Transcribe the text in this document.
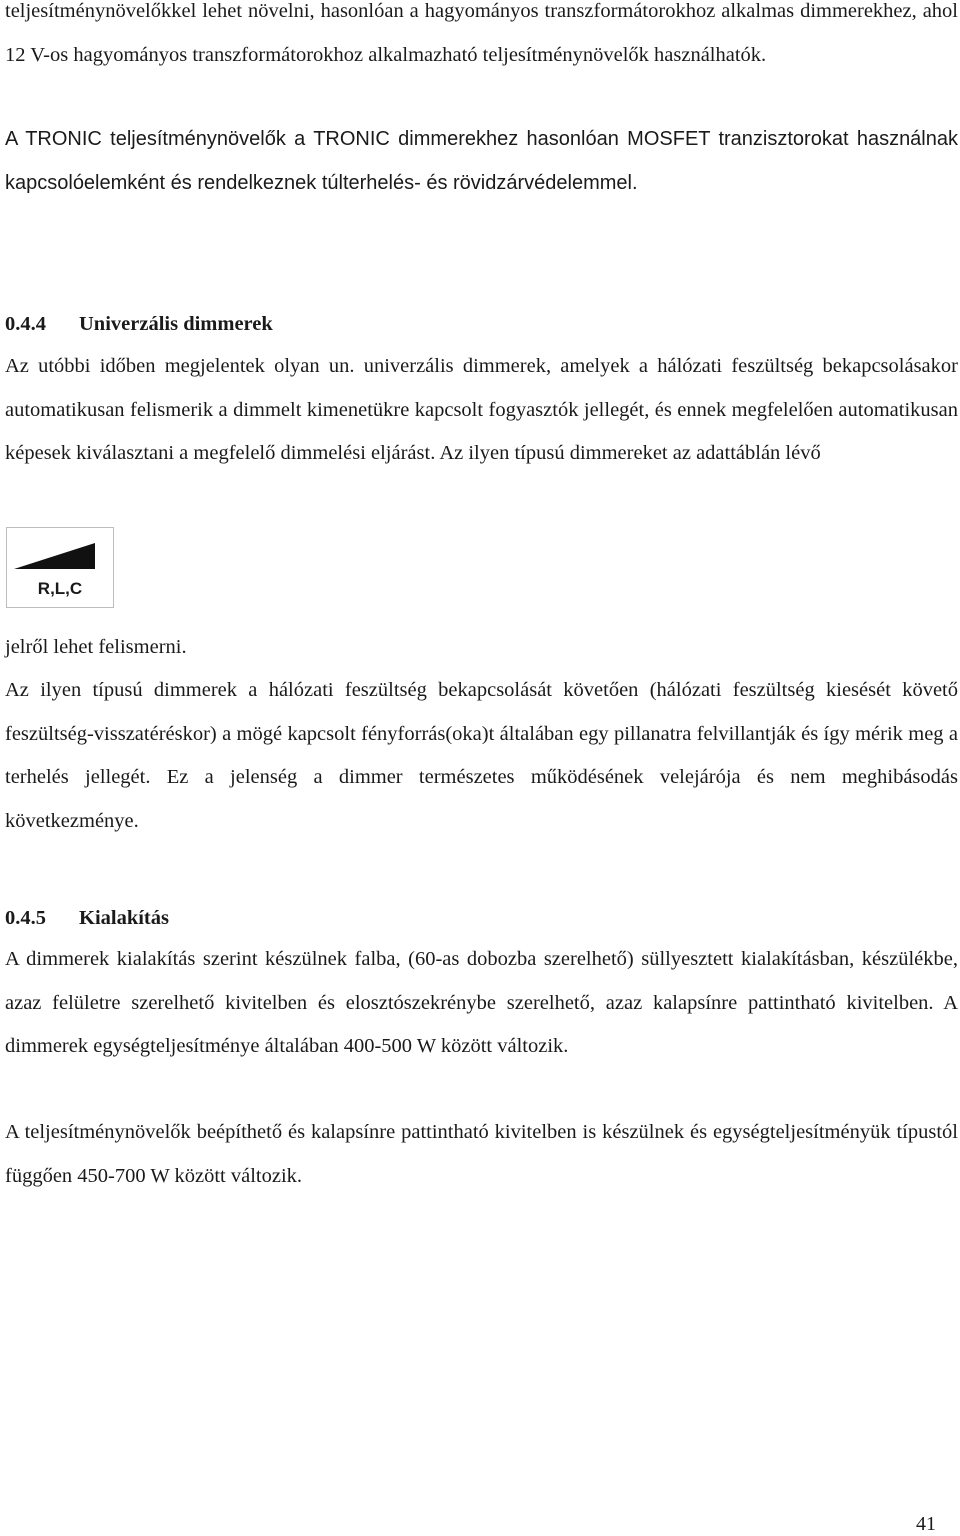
teljesítménynövelőkkel lehet növelni, hasonlóan a hagyományos transzformátorokhoz alkalmas dimmerekhez, ahol 12 V-os hagyományos transzformátorokhoz alkalmazható teljesítménynövelők használhatók.

A TRONIC teljesítménynövelők a TRONIC dimmerekhez hasonlóan MOSFET tranzisztorokat használnak kapcsolóelemként és rendelkeznek túlterhelés- és rövidzárvédelemmel.

0.4.4 Univerzális dimmerek

Az utóbbi időben megjelentek olyan un. univerzális dimmerek, amelyek a hálózati feszültség bekapcsolásakor automatikusan felismerik a dimmelt kimenetükre kapcsolt fogyasztók jellegét, és ennek megfelelően automatikusan képesek kiválasztani a megfelelő dimmelési eljárást. Az ilyen típusú dimmereket az adattáblán lévő

jelről lehet felismerni.

Az ilyen típusú dimmerek a hálózati feszültség bekapcsolását követően (hálózati feszültség kiesését követő feszültség-visszatéréskor) a mögé kapcsolt fényforrás(oka)t általában egy pillanatra felvillantják és így mérik meg a terhelés jellegét. Ez a jelenség a dimmer természetes működésének velejárója és nem meghibásodás következménye.

0.4.5 Kialakítás

A dimmerek kialakítás szerint készülnek falba, (60-as dobozba szerelhető) süllyesztett kialakításban, készülékbe, azaz felületre szerelhető kivitelben és elosztószekrénybe szerelhető, azaz kalapsínre pattintható kivitelben. A dimmerek egységteljesítménye általában 400-500 W között változik.

A teljesítménynövelők beépíthető és kalapsínre pattintható kivitelben is készülnek és egységteljesítményük típustól függően 450-700 W között változik.

R,L,C
41
